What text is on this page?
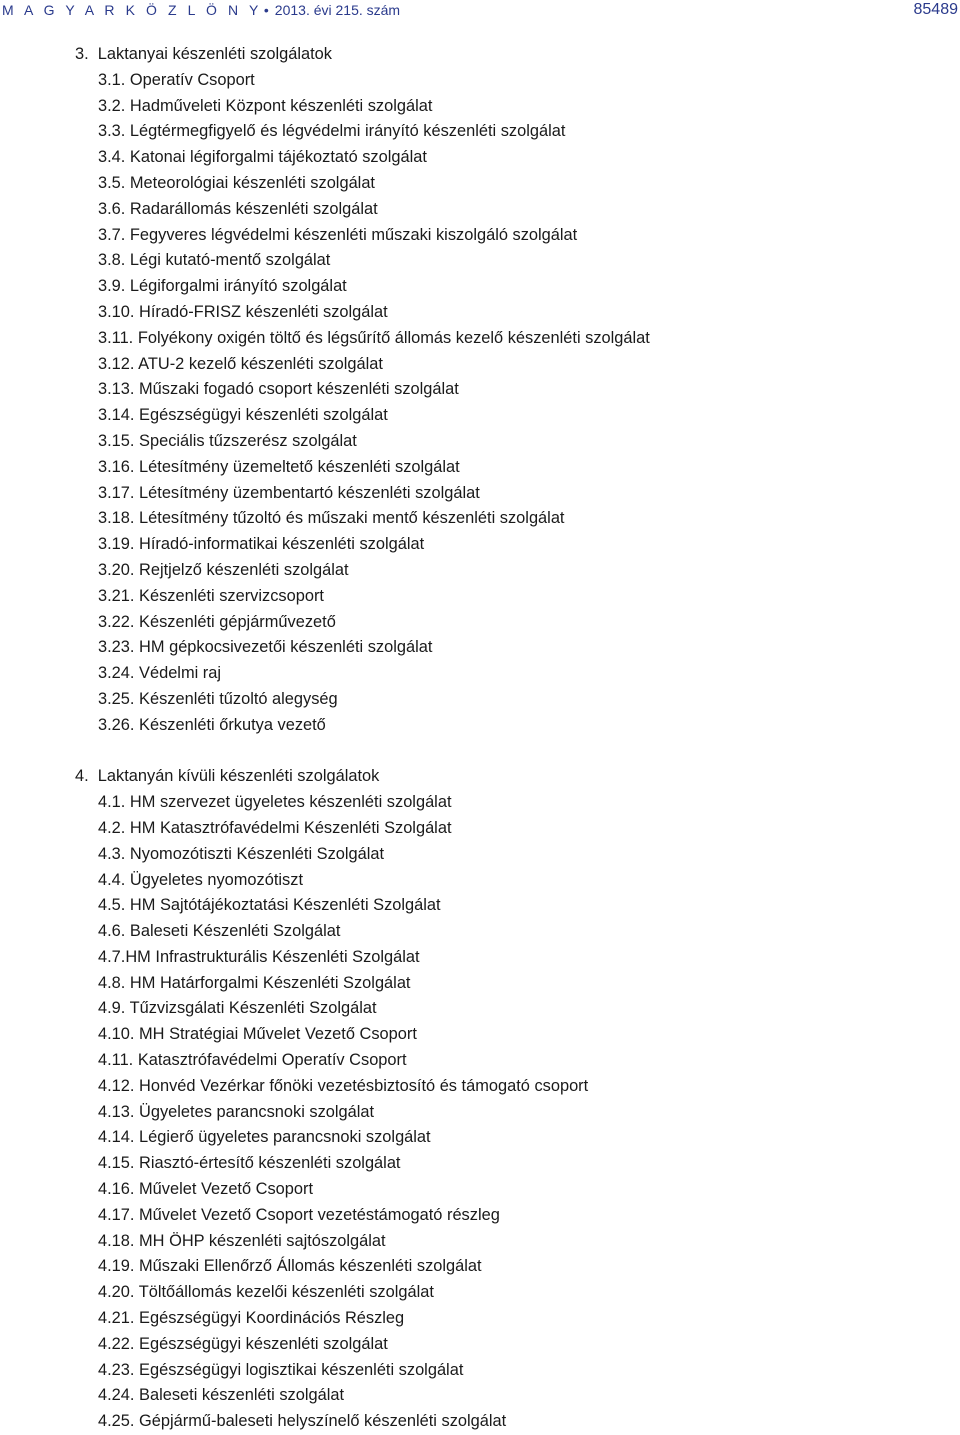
M A G Y A R K Ö Z L Ö N Y • 2013. évi 215. szám	85489
3. Laktanyai készenléti szolgálatok
3.1. Operatív Csoport
3.2. Hadműveleti Központ készenléti szolgálat
3.3. Légtérmegfigyelő és légvédelmi irányító készenléti szolgálat
3.4. Katonai légiforgalmi tájékoztató szolgálat
3.5. Meteorológiai készenléti szolgálat
3.6. Radarállomás készenléti szolgálat
3.7. Fegyveres légvédelmi készenléti műszaki kiszolgáló szolgálat
3.8. Légi kutató-mentő szolgálat
3.9. Légiforgalmi irányító szolgálat
3.10. Híradó-FRISZ készenléti szolgálat
3.11. Folyékony oxigén töltő és légsűrítő állomás kezelő készenléti szolgálat
3.12. ATU-2 kezelő készenléti szolgálat
3.13. Műszaki fogadó csoport készenléti szolgálat
3.14. Egészségügyi készenléti szolgálat
3.15. Speciális tűzszerész szolgálat
3.16. Létesítmény üzemeltető készenléti szolgálat
3.17. Létesítmény üzembentartó készenléti szolgálat
3.18. Létesítmény tűzoltó és műszaki mentő készenléti szolgálat
3.19. Híradó-informatikai készenléti szolgálat
3.20. Rejtjelző készenléti szolgálat
3.21. Készenléti szervizcsoport
3.22. Készenléti gépjárművezető
3.23. HM gépkocsivezetői készenléti szolgálat
3.24. Védelmi raj
3.25. Készenléti tűzoltó alegység
3.26. Készenléti őrkutya vezető
4. Laktanyán kívüli készenléti szolgálatok
4.1. HM szervezet ügyeletes készenléti szolgálat
4.2. HM Katasztrófavédelmi Készenléti Szolgálat
4.3. Nyomozótiszti Készenléti Szolgálat
4.4. Ügyeletes nyomozótiszt
4.5. HM Sajtótájékoztatási Készenléti Szolgálat
4.6. Baleseti Készenléti Szolgálat
4.7.HM Infrastrukturális Készenléti Szolgálat
4.8. HM Határforgalmi Készenléti Szolgálat
4.9. Tűzvizsgálati Készenléti Szolgálat
4.10. MH Stratégiai Művelet Vezető Csoport
4.11. Katasztrófavédelmi Operatív Csoport
4.12. Honvéd Vezérkar főnöki vezetésbiztosító és támogató csoport
4.13. Ügyeletes parancsnoki szolgálat
4.14. Légierő ügyeletes parancsnoki szolgálat
4.15. Riasztó-értesítő készenléti szolgálat
4.16. Művelet Vezető Csoport
4.17. Művelet Vezető Csoport vezetéstámogató részleg
4.18. MH ÖHP készenléti sajtószolgálat
4.19. Műszaki Ellenőrző Állomás készenléti szolgálat
4.20. Töltőállomás kezelői készenléti szolgálat
4.21. Egészségügyi Koordinációs Részleg
4.22. Egészségügyi készenléti szolgálat
4.23. Egészségügyi logisztikai készenléti szolgálat
4.24. Baleseti készenléti szolgálat
4.25. Gépjármű-baleseti helyszínelő készenléti szolgálat
